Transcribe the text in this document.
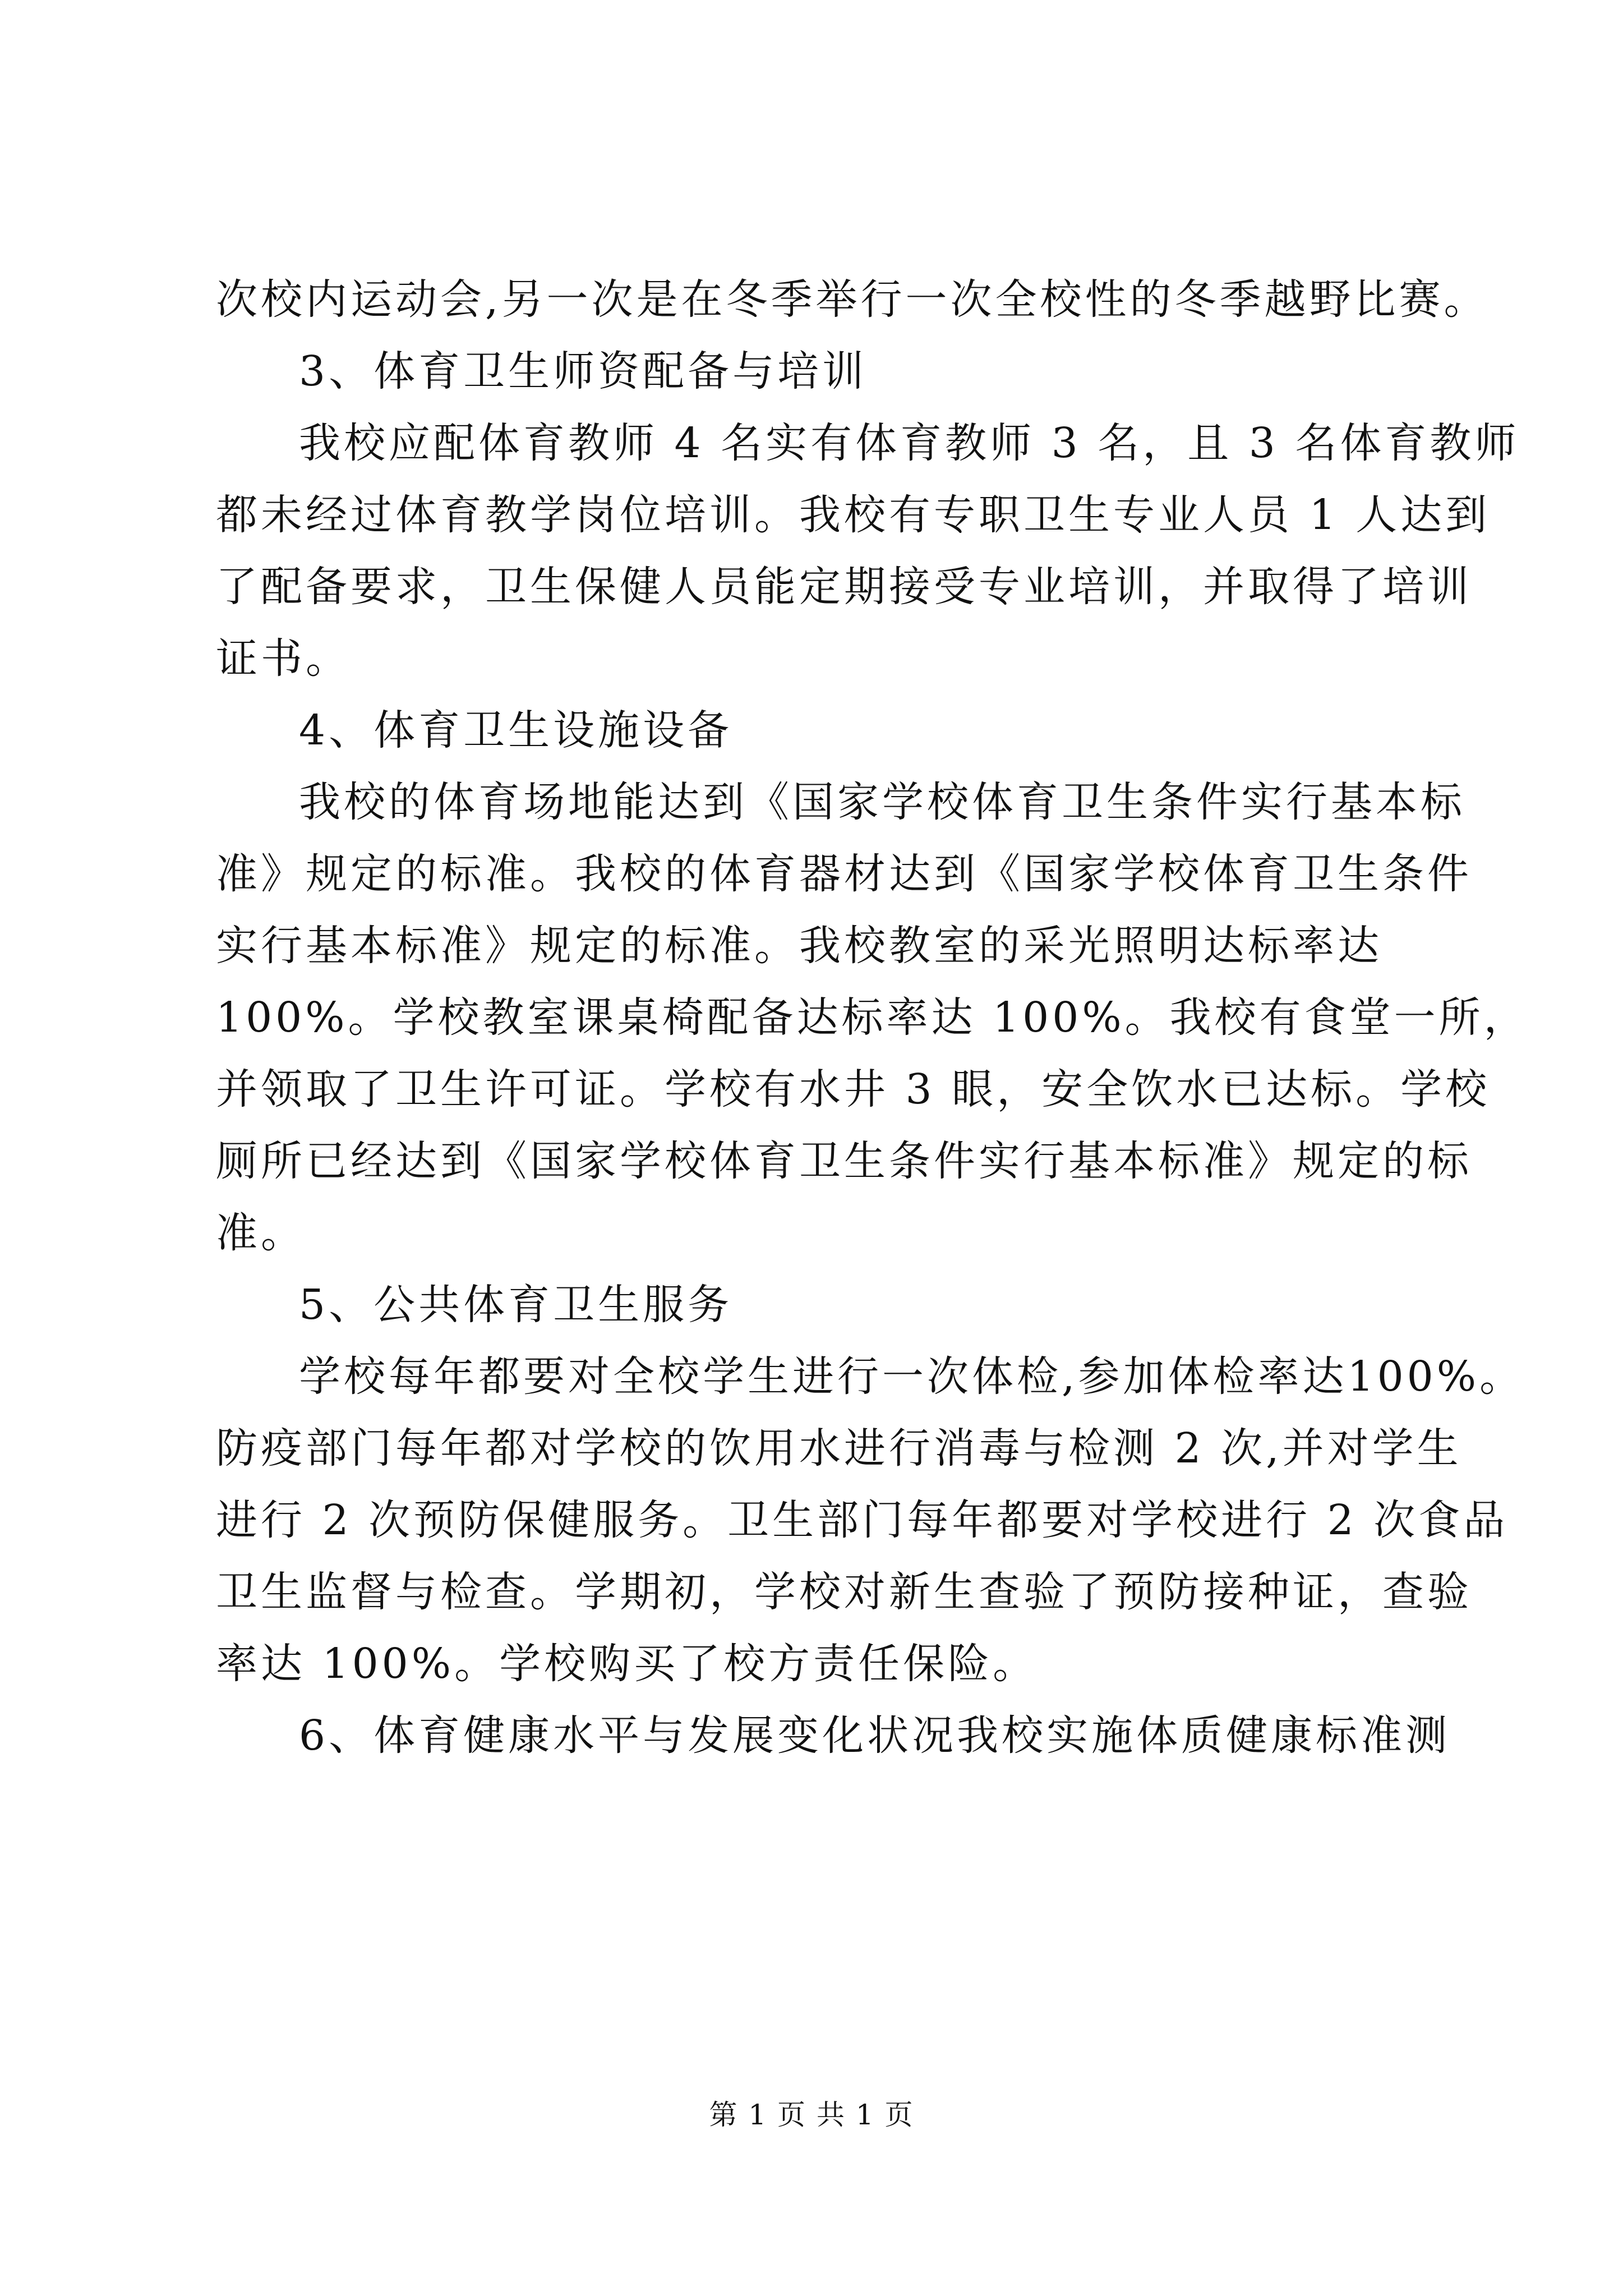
次校内运动会,另一次是在冬季举行一次全校性的冬季越野比赛。
3、体育卫生师资配备与培训
我校应配体育教师 4 名实有体育教师 3 名，且 3 名体育教师
都未经过体育教学岗位培训。我校有专职卫生专业人员 1 人达到
了配备要求，卫生保健人员能定期接受专业培训，并取得了培训
证书。
4、体育卫生设施设备
我校的体育场地能达到《国家学校体育卫生条件实行基本标
准》规定的标准。我校的体育器材达到《国家学校体育卫生条件
实行基本标准》规定的标准。我校教室的采光照明达标率达
100%。学校教室课桌椅配备达标率达 100%。我校有食堂一所，
并领取了卫生许可证。学校有水井 3 眼，安全饮水已达标。学校
厕所已经达到《国家学校体育卫生条件实行基本标准》规定的标
准。
5、公共体育卫生服务
学校每年都要对全校学生进行一次体检,参加体检率达100%。
防疫部门每年都对学校的饮用水进行消毒与检测 2 次,并对学生
进行 2 次预防保健服务。卫生部门每年都要对学校进行 2 次食品
卫生监督与检查。学期初，学校对新生查验了预防接种证，查验
率达 100%。学校购买了校方责任保险。
6、体育健康水平与发展变化状况我校实施体质健康标准测
第 1 页 共 1 页
